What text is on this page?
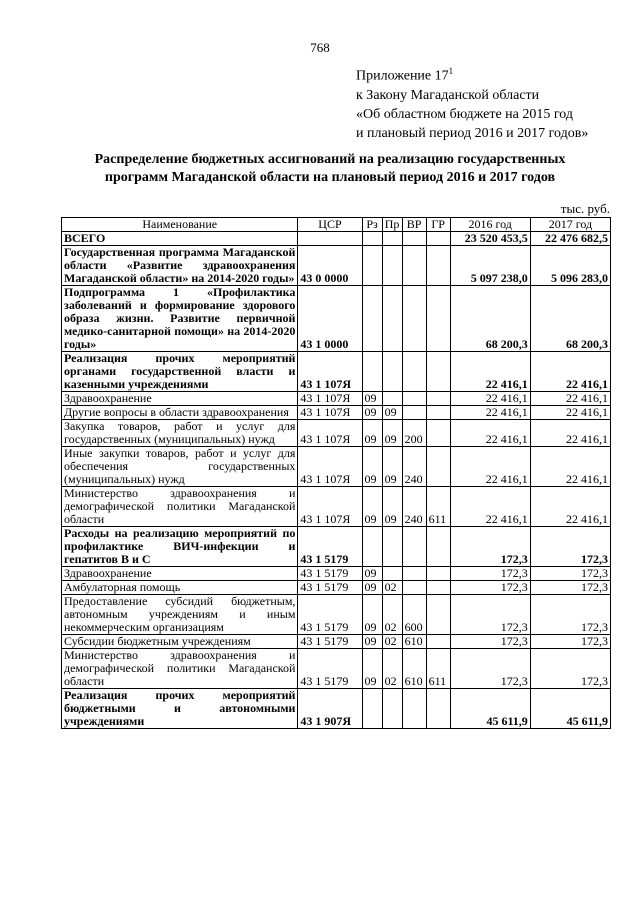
768
Приложение $17^1$
к Закону Магаданской области
«Об областном бюджете на 2015 год
и плановый период 2016 и 2017 годов»
Распределение бюджетных ассигнований на реализацию государственных
программ Магаданской области на плановый период 2016 и 2017 годов
тыс. руб.
Наименование	ЦСР	Рз	Пр	ВР	ГР	2016 год	2017 год
ВСЕГО						23 520 453,5	22 476 682,5
Государственная программа Магаданской области «Развитие здравоохранения Магаданской области» на 2014-2020 годы»	43 0 0000					5 097 238,0	5 096 283,0
Подпрограмма 1 «Профилактика заболеваний и формирование здорового образа жизни. Развитие первичной медико-санитарной помощи» на 2014-2020 годы»	43 1 0000					68 200,3	68 200,3
Реализация прочих мероприятий органами государственной власти и казенными учреждениями	43 1 107Я					22 416,1	22 416,1
Здравоохранение	43 1 107Я	09				22 416,1	22 416,1
Другие вопросы в области здравоохранения	43 1 107Я	09	09			22 416,1	22 416,1
Закупка товаров, работ и услуг для государственных (муниципальных) нужд	43 1 107Я	09	09	200		22 416,1	22 416,1
Иные закупки товаров, работ и услуг для обеспечения государственных (муниципальных) нужд	43 1 107Я	09	09	240		22 416,1	22 416,1
Министерство здравоохранения и демографической политики Магаданской области	43 1 107Я	09	09	240	611	22 416,1	22 416,1
Расходы на реализацию мероприятий по профилактике ВИЧ-инфекции и гепатитов В и С	43 1 5179					172,3	172,3
Здравоохранение	43 1 5179	09				172,3	172,3
Амбулаторная помощь	43 1 5179	09	02			172,3	172,3
Предоставление субсидий бюджетным, автономным учреждениям и иным некоммерческим организациям	43 1 5179	09	02	600		172,3	172,3
Субсидии бюджетным учреждениям	43 1 5179	09	02	610		172,3	172,3
Министерство здравоохранения и демографической политики Магаданской области	43 1 5179	09	02	610	611	172,3	172,3
Реализация прочих мероприятий бюджетными и автономными учреждениями	43 1 907Я					45 611,9	45 611,9
